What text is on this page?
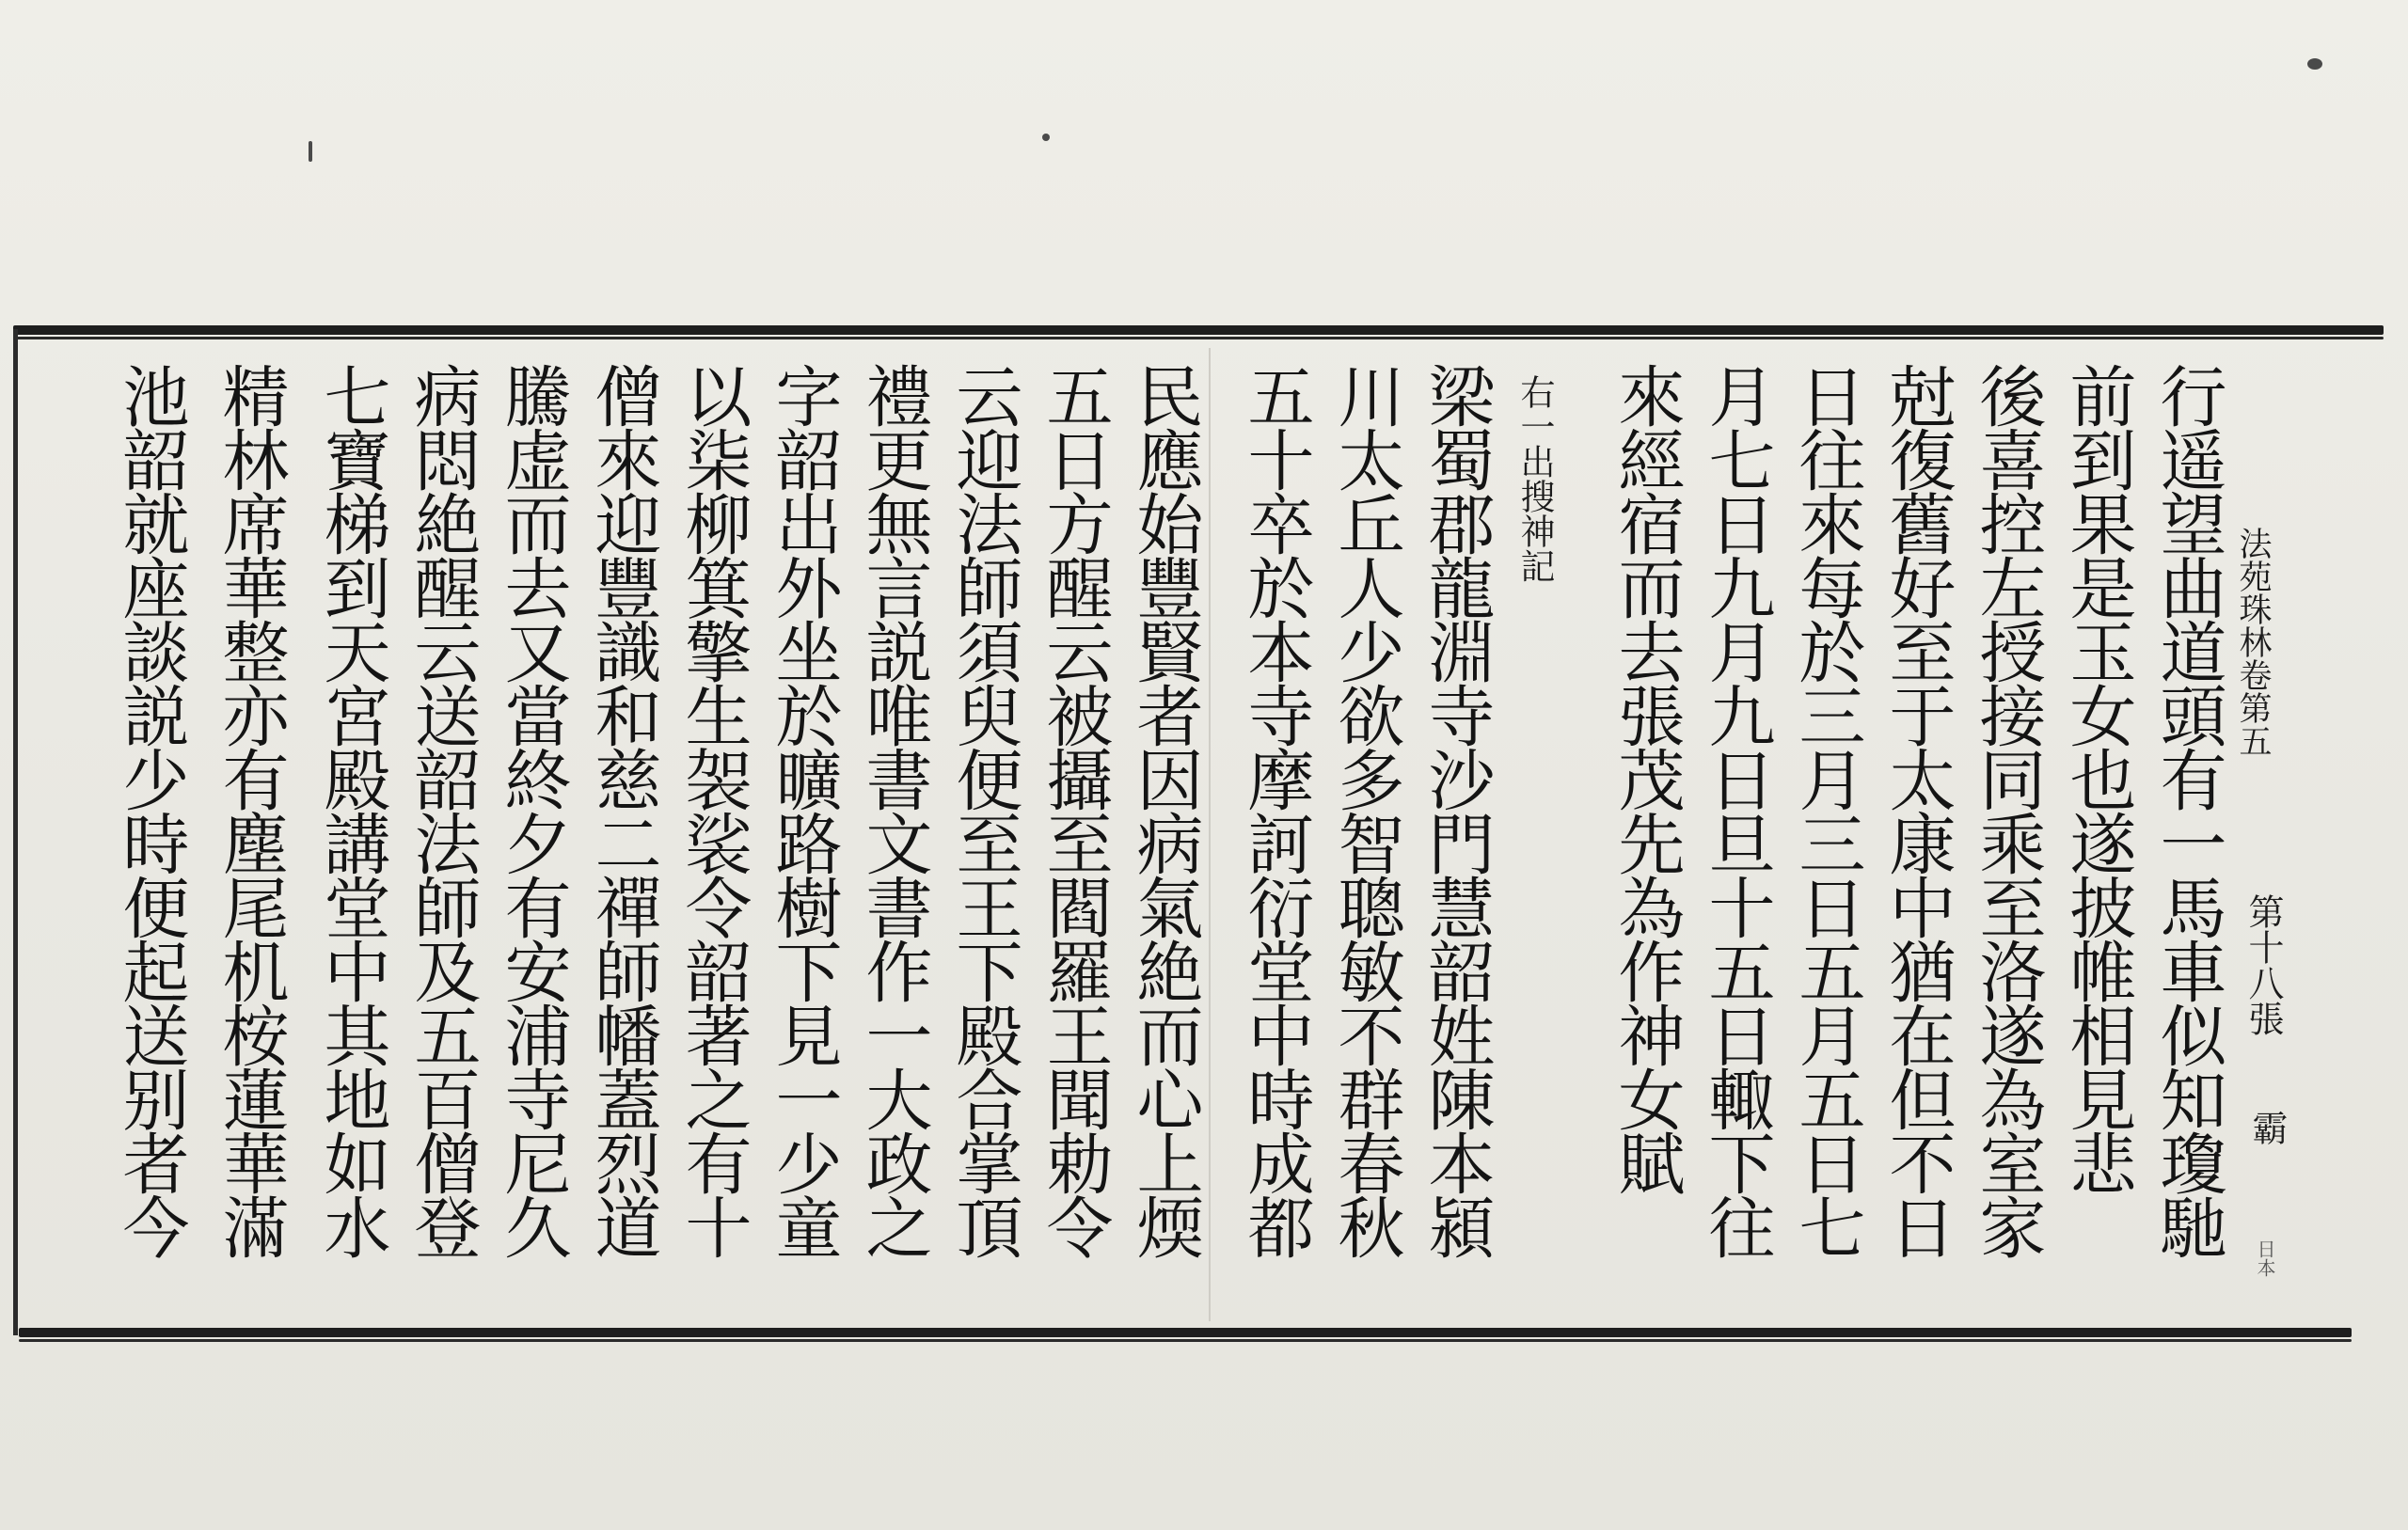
法苑珠林卷第五
第十八張
霸
日本
行遥望曲道頭有一馬車似知瓊馳
前到果是玉女也遂披帷相見悲
後喜控左授接同乘至洛遂為室家
尅復舊好至于太康中猶在但不日
日往來每於三月三日五月五日七
月七日九月九日旦十五日輙下往
來經宿而去張茂先為作神女賦
右一出搜神記
梁蜀郡龍淵寺沙門慧韶姓陳本潁
川太丘人少欲多智聰敏不群春秋
五十卒於本寺摩訶衍堂中時成都
民應始豐賢者因病氣絶而心上煗
五日方醒云被攝至閻羅王聞勅令
云迎法師須臾便至王下殿合掌頂
禮更無言説唯書文書作一大政之
字韶出外坐於曠路樹下見一少童
以柒柳箕擎生袈裟令韶著之有十
僧來迎豐識和慈二禪師幡蓋烈道
騰虚而去又當終夕有安浦寺尼久
病悶絶醒云送韶法師及五百僧登
七寶梯到天宮殿講堂中其地如水
精林席華整亦有塵尾机桉蓮華滿
池韶就座談説少時便起送别者今
